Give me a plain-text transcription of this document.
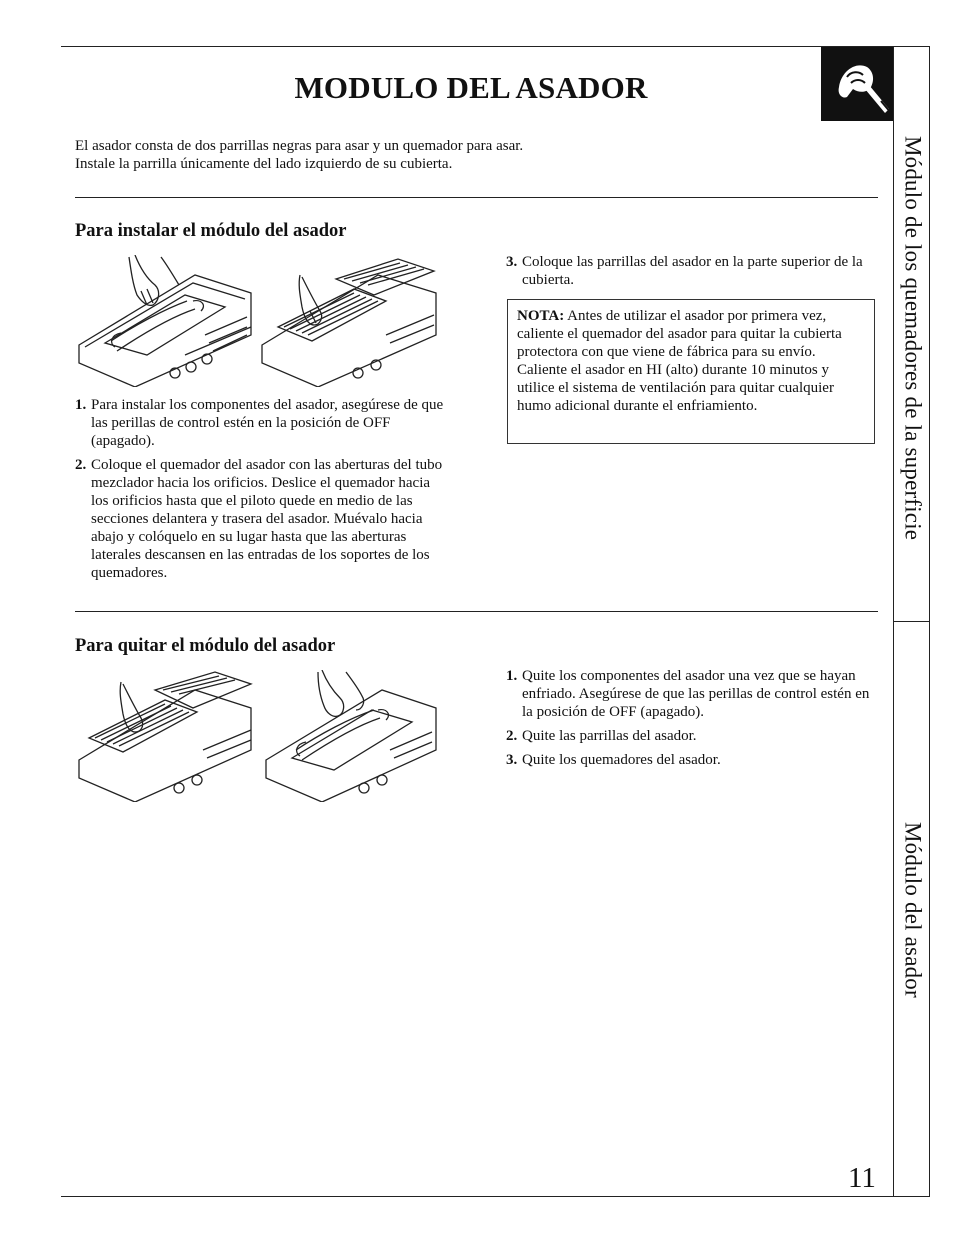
MODULO DEL ASADOR
El asador consta de dos parrillas negras para asar y un quemador para asar.
Instale la parrilla únicamente del lado izquierdo de su cubierta.
Para instalar el módulo del asador
1. Para instalar los componentes del asador, asegúrese de que las perillas de control estén en la posición de OFF (apagado).
2. Coloque el quemador del asador con las aberturas del tubo mezclador hacia los orificios. Deslice el quemador hacia los orificios hasta que el piloto quede en medio de las secciones delantera y trasera del asador. Muévalo hacia abajo y colóquelo en su lugar hasta que las aberturas laterales descansen en las entradas de los soportes de los quemadores.
3. Coloque las parrillas del asador en la parte superior de la cubierta.
NOTA: Antes de utilizar el asador por primera vez, caliente el quemador del asador para quitar la cubierta protectora con que viene de fábrica para su envío. Caliente el asador en HI (alto) durante 10 minutos y utilice el sistema de ventilación para quitar cualquier humo adicional durante el enfriamiento.
Para quitar el módulo del asador
1. Quite los componentes del asador una vez que se hayan enfriado. Asegúrese de que las perillas de control estén en la posición de OFF (apagado).
2. Quite las parrillas del asador.
3. Quite los quemadores del asador.
Módulo de los quemadores de la superficie
Módulo del asador
11
